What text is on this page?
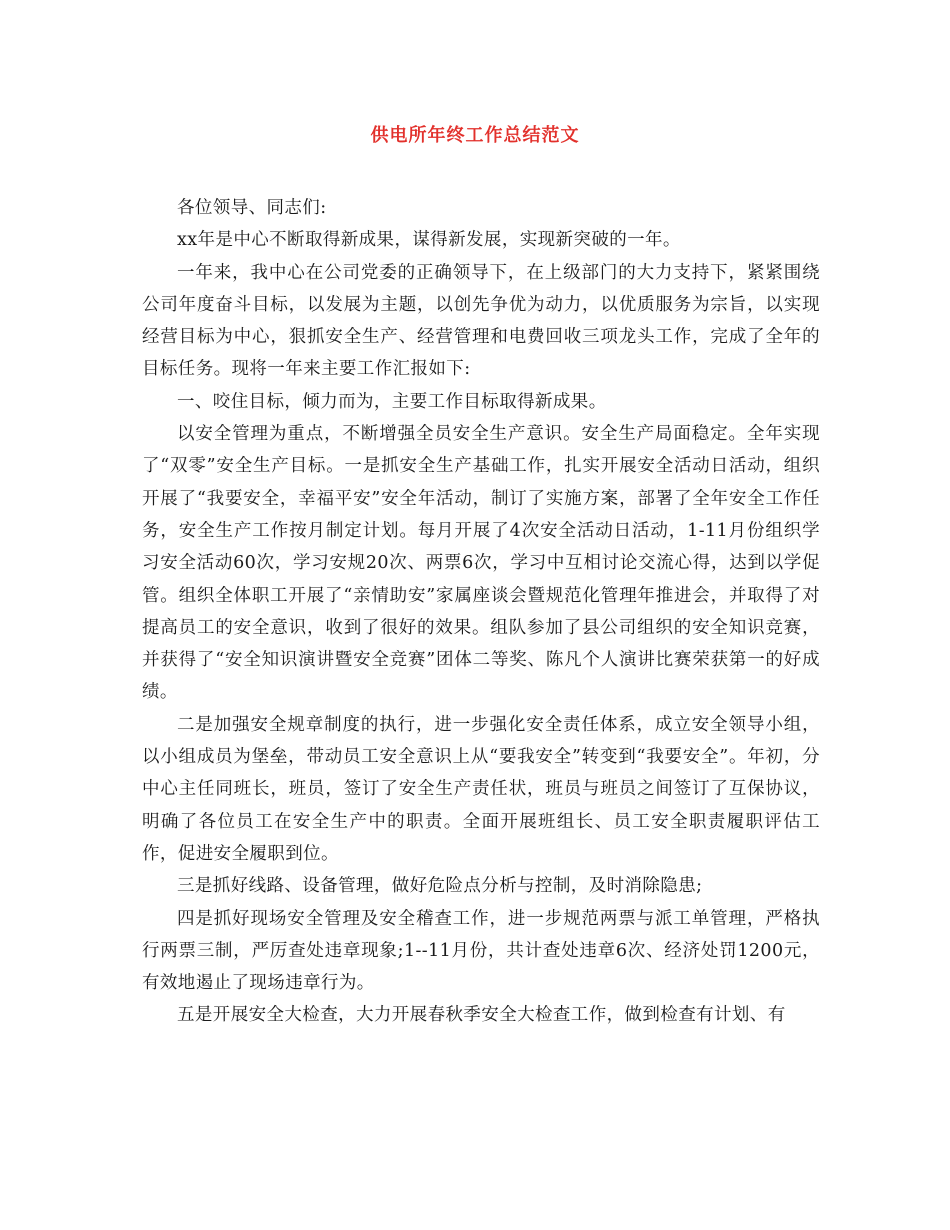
供电所年终工作总结范文

各位领导、同志们:

xx年是中心不断取得新成果，谋得新发展，实现新突破的一年。

一年来，我中心在公司党委的正确领导下，在上级部门的大力支持下，紧紧围绕公司年度奋斗目标，以发展为主题，以创先争优为动力，以优质服务为宗旨，以实现经营目标为中心，狠抓安全生产、经营管理和电费回收三项龙头工作，完成了全年的目标任务。现将一年来主要工作汇报如下:

一、咬住目标，倾力而为，主要工作目标取得新成果。

以安全管理为重点，不断增强全员安全生产意识。安全生产局面稳定。全年实现了“双零”安全生产目标。一是抓安全生产基础工作，扎实开展安全活动日活动，组织开展了“我要安全，幸福平安”安全年活动，制订了实施方案，部署了全年安全工作任务，安全生产工作按月制定计划。每月开展了4次安全活动日活动，1-11月份组织学习安全活动60次，学习安规20次、两票6次，学习中互相讨论交流心得，达到以学促管。组织全体职工开展了“亲情助安”家属座谈会暨规范化管理年推进会，并取得了对提高员工的安全意识，收到了很好的效果。组队参加了县公司组织的安全知识竞赛，并获得了“安全知识演讲暨安全竞赛”团体二等奖、陈凡个人演讲比赛荣获第一的好成绩。

二是加强安全规章制度的执行，进一步强化安全责任体系，成立安全领导小组，以小组成员为堡垒，带动员工安全意识上从“要我安全”转变到“我要安全”。年初，分中心主任同班长，班员，签订了安全生产责任状，班员与班员之间签订了互保协议，明确了各位员工在安全生产中的职责。全面开展班组长、员工安全职责履职评估工作，促进安全履职到位。

三是抓好线路、设备管理，做好危险点分析与控制，及时消除隐患;

四是抓好现场安全管理及安全稽查工作，进一步规范两票与派工单管理，严格执行两票三制，严厉查处违章现象;1--11月份，共计查处违章6次、经济处罚1200元，有效地遏止了现场违章行为。

五是开展安全大检查，大力开展春秋季安全大检查工作，做到检查有计划、有
